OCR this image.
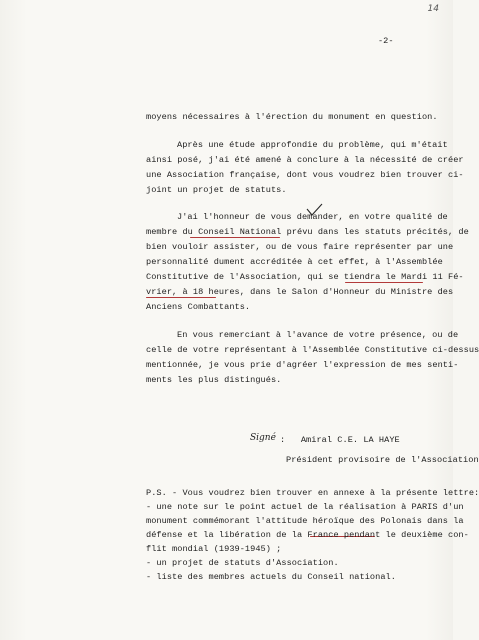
14
-2-
moyens nécessaires à l'érection du monument en question.
Après une étude approfondie du problème, qui m'était
ainsi posé, j'ai été amené à conclure à la nécessité de créer
une Association française, dont vous voudrez bien trouver ci-
joint un projet de statuts.
J'ai l'honneur de vous demander, en votre qualité de
membre du Conseil National prévu dans les statuts précités, de
bien vouloir assister, ou de vous faire représenter par une
personnalité dument accréditée à cet effet, à l'Assemblée
Constitutive de l'Association, qui se tiendra le Mardi 11 Fé-
vrier, à 18 heures, dans le Salon d'Honneur du Ministre des
Anciens Combattants.
En vous remerciant à l'avance de votre présence, ou de
celle de votre représentant à l'Assemblée Constitutive ci-dessus
mentionnée, je vous prie d'agréer l'expression de mes senti-
ments les plus distingués.
Signé :   Amiral C.E. LA HAYE
Président provisoire de l'Association
P.S. - Vous voudrez bien trouver en annexe à la présente lettre:
- une note sur le point actuel de la réalisation à PARIS d'un
monument commémorant l'attitude héroïque des Polonais dans la
défense et la libération de la France pendant le deuxième con-
flit mondial (1939-1945) ;
- un projet de statuts d'Association.
- liste des membres actuels du Conseil national.
